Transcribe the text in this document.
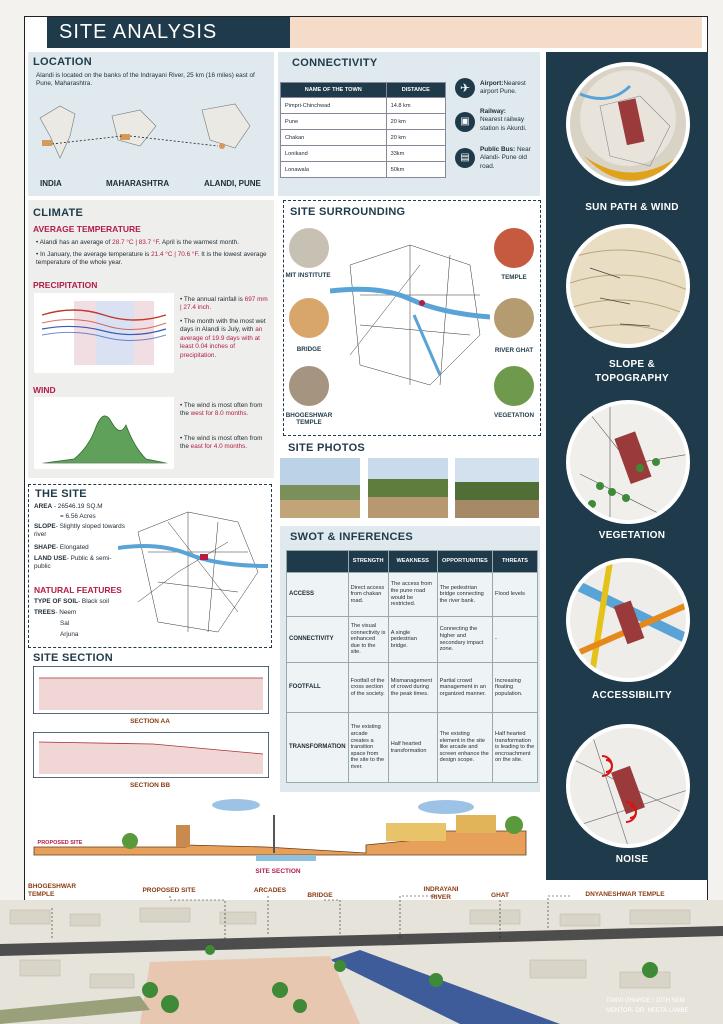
SITE ANALYSIS
LOCATION
Alandi is located on the banks of the Indrayani River, 25 km (16 miles) east of Pune, Maharashtra.
INDIA	MAHARASHTRA	ALANDI, PUNE
CONNECTIVITY
NAME OF THE TOWN	DISTANCE
Pimpri-Chinchwad	14.8 km
Pune	20 km
Chakan	20 km
Lonikand	33km
Lonawala	50km
✈
▣
▤
Airport:Nearest airport Pune.
Railway:
Nearest railway station is Akurdi.
Public Bus: Near Alandi- Pune old road.
CLIMATE
AVERAGE TEMPERATURE
• Alandi has an average of 28.7 °C | 83.7 °F. April is the warmest month.
• In January, the average temperature is 21.4 °C | 70.6 °F. It is the lowest average temperature of the whole year.
PRECIPITATION
• The annual rainfall is 697 mm | 27.4 inch.
• The month with the most wet days in Alandi is July, with an average of 19.9 days with at least 0.04 inches of precipitation.
WIND
• The wind is most often from the west for 8.0 months.
• The wind is most often from the east for 4.0 months.
THE SITE
AREA - 26546.19 SQ.M
= 6.56 Acres
SLOPE- Slightly sloped towards river
SHAPE- Elongated
LAND USE- Public & semi-public
NATURAL FEATURES
TYPE OF SOIL- Black soil
TREES- Neem
Sal
Arjuna
SITE SECTION
SECTION AA
SECTION BB
SITE SURROUNDING
MIT INSTITUTE
BRIDGE
BHOGESHWAR TEMPLE
TEMPLE
RIVER GHAT
VEGETATION
SITE PHOTOS
SWOT & INFERENCES
	STRENGTH	WEAKNESS	OPPORTUNITIES	THREATS
ACCESS	Direct access from chakan road.	The access from the pune road would be restricted.	The pedestrian bridge connecting the river bank.	Flood levels
CONNECTIVITY	The visual connectivity is enhanced due to the site.	A single pedestrian bridge.	Connecting the higher and secondary impact zone.	-
FOOTFALL	Footfall of the cross section of the society.	Mismanagement of crowd during the peak times.	Partial crowd management in an organized manner.	Increasing floating population.
TRANSFORMATION	The existing arcade creates a transition space from the site to the river.	Half hearted transformation	The existing element in the site like arcade and screen enhance the design scope.	Half hearted transformation is leading to the encroachment on the site.
SUN PATH & WIND
SLOPE & TOPOGRAPHY
VEGETATION
ACCESSIBILITY
NOISE
PROPOSED SITE
SITE SECTION
BHOGESHWAR TEMPLE
PROPOSED SITE	ARCADES
BRIDGE
INDRAYANI RIVER	GHAT	DNYANESHWAR TEMPLE
TANVI GHARDE | 10TH SEM
MENTOR- DR. NEETA LAMBE
